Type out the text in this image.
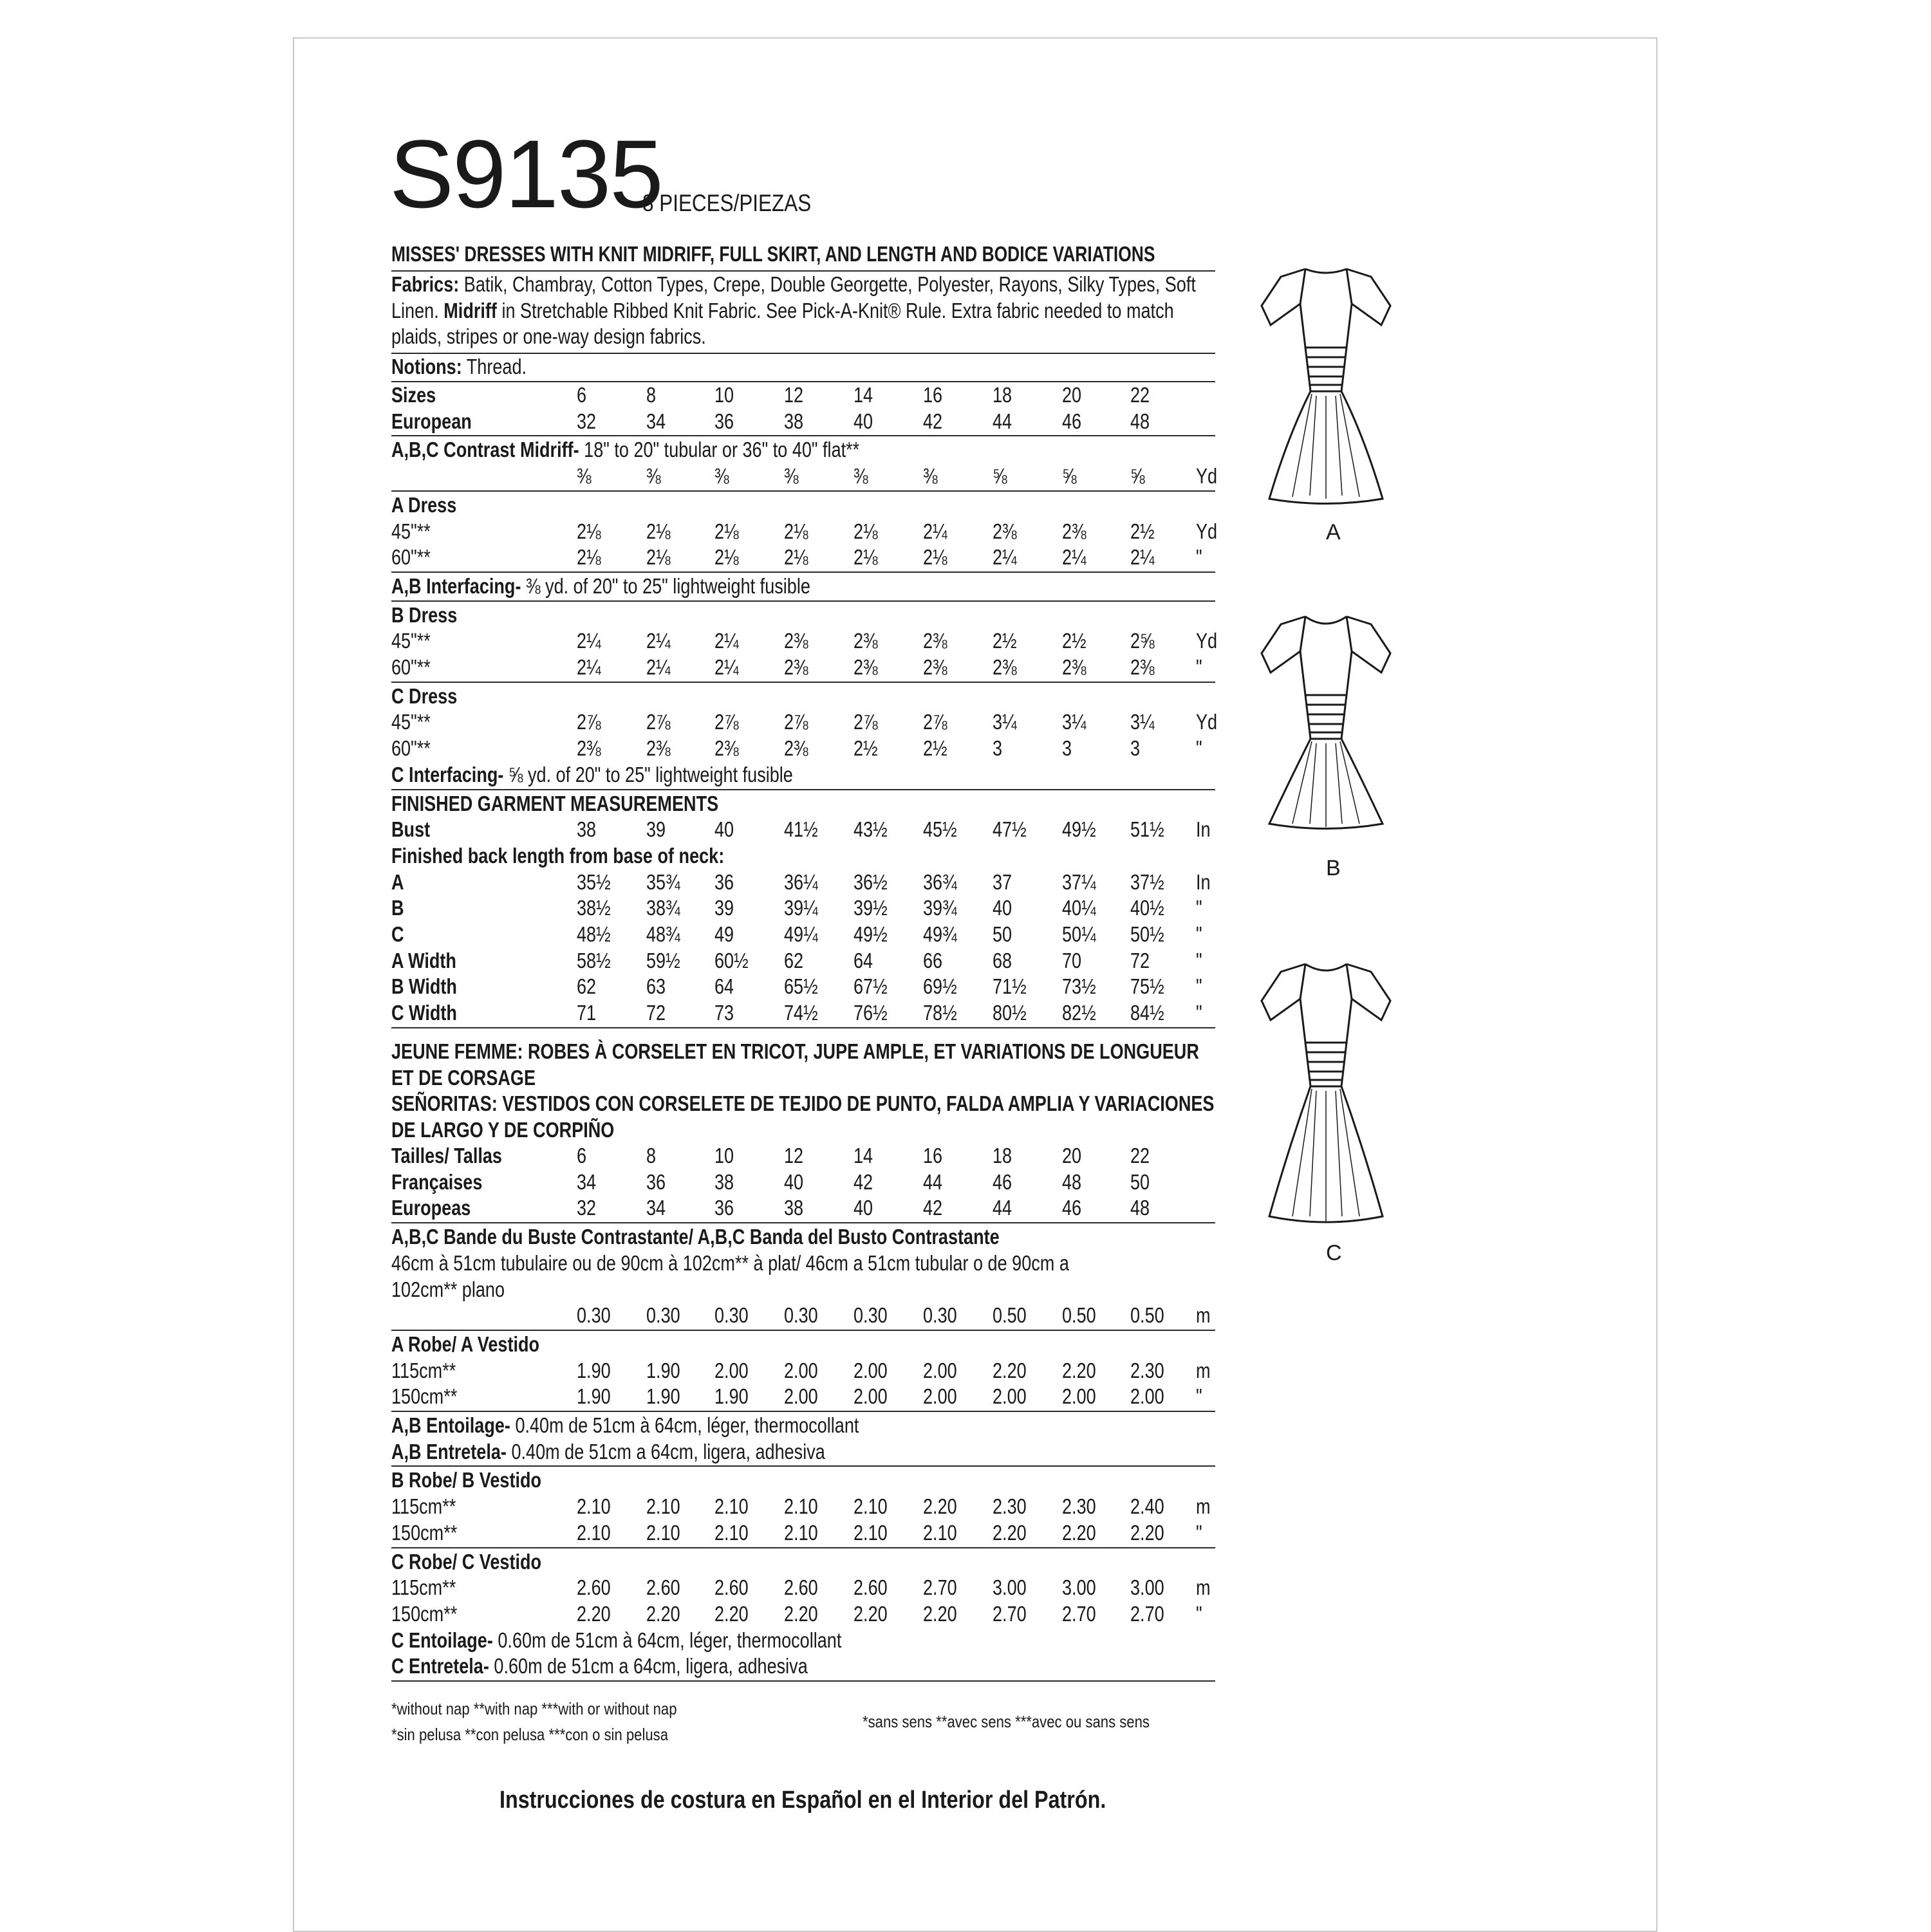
S9135
8 PIECES/PIEZAS
MISSES' DRESSES WITH KNIT MIDRIFF, FULL SKIRT, AND LENGTH AND BODICE VARIATIONS
Fabrics: Batik, Chambray, Cotton Types, Crepe, Double Georgette, Polyester, Rayons, Silky Types, Soft Linen. Midriff in Stretchable Ribbed Knit Fabric. See Pick-A-Knit® Rule. Extra fabric needed to match plaids, stripes or one-way design fabrics.
Notions: Thread.
Sizes	6	8	10 12 14 16 18 20 22
European	32 34 36 38 40 42 44 46 48
A,B,C Contrast Midriff- 18" to 20" tubular or 36" to 40" flat**
⅜	⅜	⅜	⅜	⅜	⅜	⅝	⅝	⅝ Yd
A Dress
45"**	2⅛ 2⅛ 2⅛ 2⅛ 2⅛ 2¼ 2⅜ 2⅜ 2½ Yd
60"**	2⅛ 2⅛ 2⅛ 2⅛ 2⅛ 2⅛ 2¼ 2¼ 2¼ "
A,B Interfacing- ⅜ yd. of 20" to 25" lightweight fusible
B Dress
45"**	2¼ 2¼ 2¼ 2⅜ 2⅜ 2⅜ 2½ 2½ 2⅝ Yd
60"**	2¼ 2¼ 2¼ 2⅜ 2⅜ 2⅜ 2⅜ 2⅜ 2⅜ "
C Dress
45"**	2⅞ 2⅞ 2⅞ 2⅞ 2⅞ 2⅞ 3¼ 3¼ 3¼ Yd
60"**	2⅜ 2⅜ 2⅜ 2⅜ 2½ 2½ 3	3	3	"
C Interfacing- ⅝ yd. of 20" to 25" lightweight fusible
FINISHED GARMENT MEASUREMENTS
Bust	38 39 40 41½ 43½ 45½ 47½ 49½ 51½ In
Finished back length from base of neck:
A	35½ 35¾ 36 36¼ 36½ 36¾ 37 37¼ 37½ In
B	38½ 38¾ 39 39¼ 39½ 39¾ 40 40¼ 40½ "
C	48½ 48¾ 49 49¼ 49½ 49¾ 50 50¼ 50½ "
A Width	58½ 59½ 60½ 62 64 66 68 70 72 "
B Width	62 63 64 65½ 67½ 69½ 71½ 73½ 75½ "
C Width	71 72 73 74½ 76½ 78½ 80½ 82½ 84½ "
JEUNE FEMME: ROBES À CORSELET EN TRICOT, JUPE AMPLE, ET VARIATIONS DE LONGUEUR ET DE CORSAGE
SEÑORITAS: VESTIDOS CON CORSELETE DE TEJIDO DE PUNTO, FALDA AMPLIA Y VARIACIONES DE LARGO Y DE CORPIÑO
Tailles/ Tallas	6	8	10 12 14 16 18 20 22
Françaises	34 36 38 40 42 44 46 48 50
Europeas	32 34 36 38 40 42 44 46 48
A,B,C Bande du Buste Contrastante/ A,B,C Banda del Busto Contrastante
46cm à 51cm tubulaire ou de 90cm à 102cm** à plat/ 46cm a 51cm tubular o de 90cm a
102cm** plano
0.30 0.30 0.30 0.30 0.30 0.30 0.50 0.50 0.50 m
A Robe/ A Vestido
115cm**	1.90 1.90 2.00 2.00 2.00 2.00 2.20 2.20 2.30 m
150cm**	1.90 1.90 1.90 2.00 2.00 2.00 2.00 2.00 2.00 "
A,B Entoilage- 0.40m de 51cm à 64cm, léger, thermocollant
A,B Entretela- 0.40m de 51cm a 64cm, ligera, adhesiva
B Robe/ B Vestido
115cm**	2.10 2.10 2.10 2.10 2.10 2.20 2.30 2.30 2.40 m
150cm**	2.10 2.10 2.10 2.10 2.10 2.10 2.20 2.20 2.20 "
C Robe/ C Vestido
115cm**	2.60 2.60 2.60 2.60 2.60 2.70 3.00 3.00 3.00 m
150cm**	2.20 2.20 2.20 2.20 2.20 2.20 2.70 2.70 2.70 "
C Entoilage- 0.60m de 51cm à 64cm, léger, thermocollant
C Entretela- 0.60m de 51cm a 64cm, ligera, adhesiva
*without nap **with nap ***with or without nap
*sin pelusa **con pelusa ***con o sin pelusa
*sans sens **avec sens ***avec ou sans sens
Instrucciones de costura en Español en el Interior del Patrón.
A
B
C
